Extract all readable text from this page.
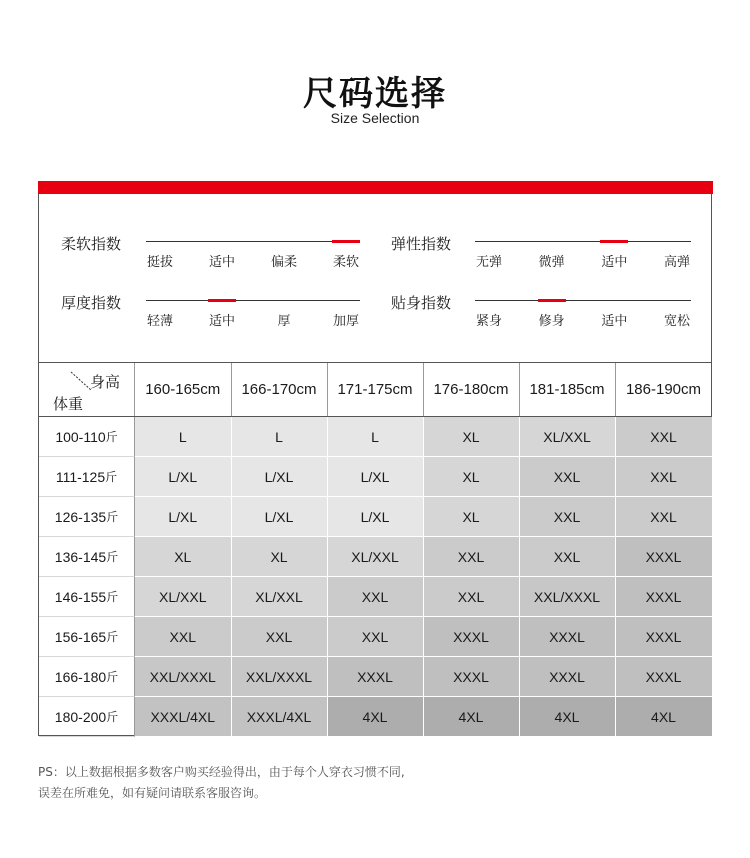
尺码选择
Size Selection
柔软指数
挺拔	适中	偏柔	柔软
弹性指数
无弹	微弹	适中	高弹
厚度指数
轻薄	适中	厚	加厚
贴身指数
紧身	修身	适中	宽松
身高
体重
160-165cm	166-170cm	171-175cm	176-180cm	181-185cm	186-190cm
100-110 斤	L	L	L	XL	XL/XXL	XXL
111-125 斤	L/XL	L/XL	L/XL	XL	XXL	XXL
126-135 斤	L/XL	L/XL	L/XL	XL	XXL	XXL
136-145 斤	XL	XL	XL/XXL	XXL	XXL	XXXL
146-155 斤	XL/XXL	XL/XXL	XXL	XXL	XXL/XXXL	XXXL
156-165 斤	XXL	XXL	XXL	XXXL	XXXL	XXXL
166-180 斤	XXL/XXXL	XXL/XXXL	XXXL	XXXL	XXXL	XXXL
180-200 斤	XXXL/4XL	XXXL/4XL	4XL	4XL	4XL	4XL
PS：以上数据根据多数客户购买经验得出，由于每个人穿衣习惯不同,
误差在所难免，如有疑问请联系客服咨询。
